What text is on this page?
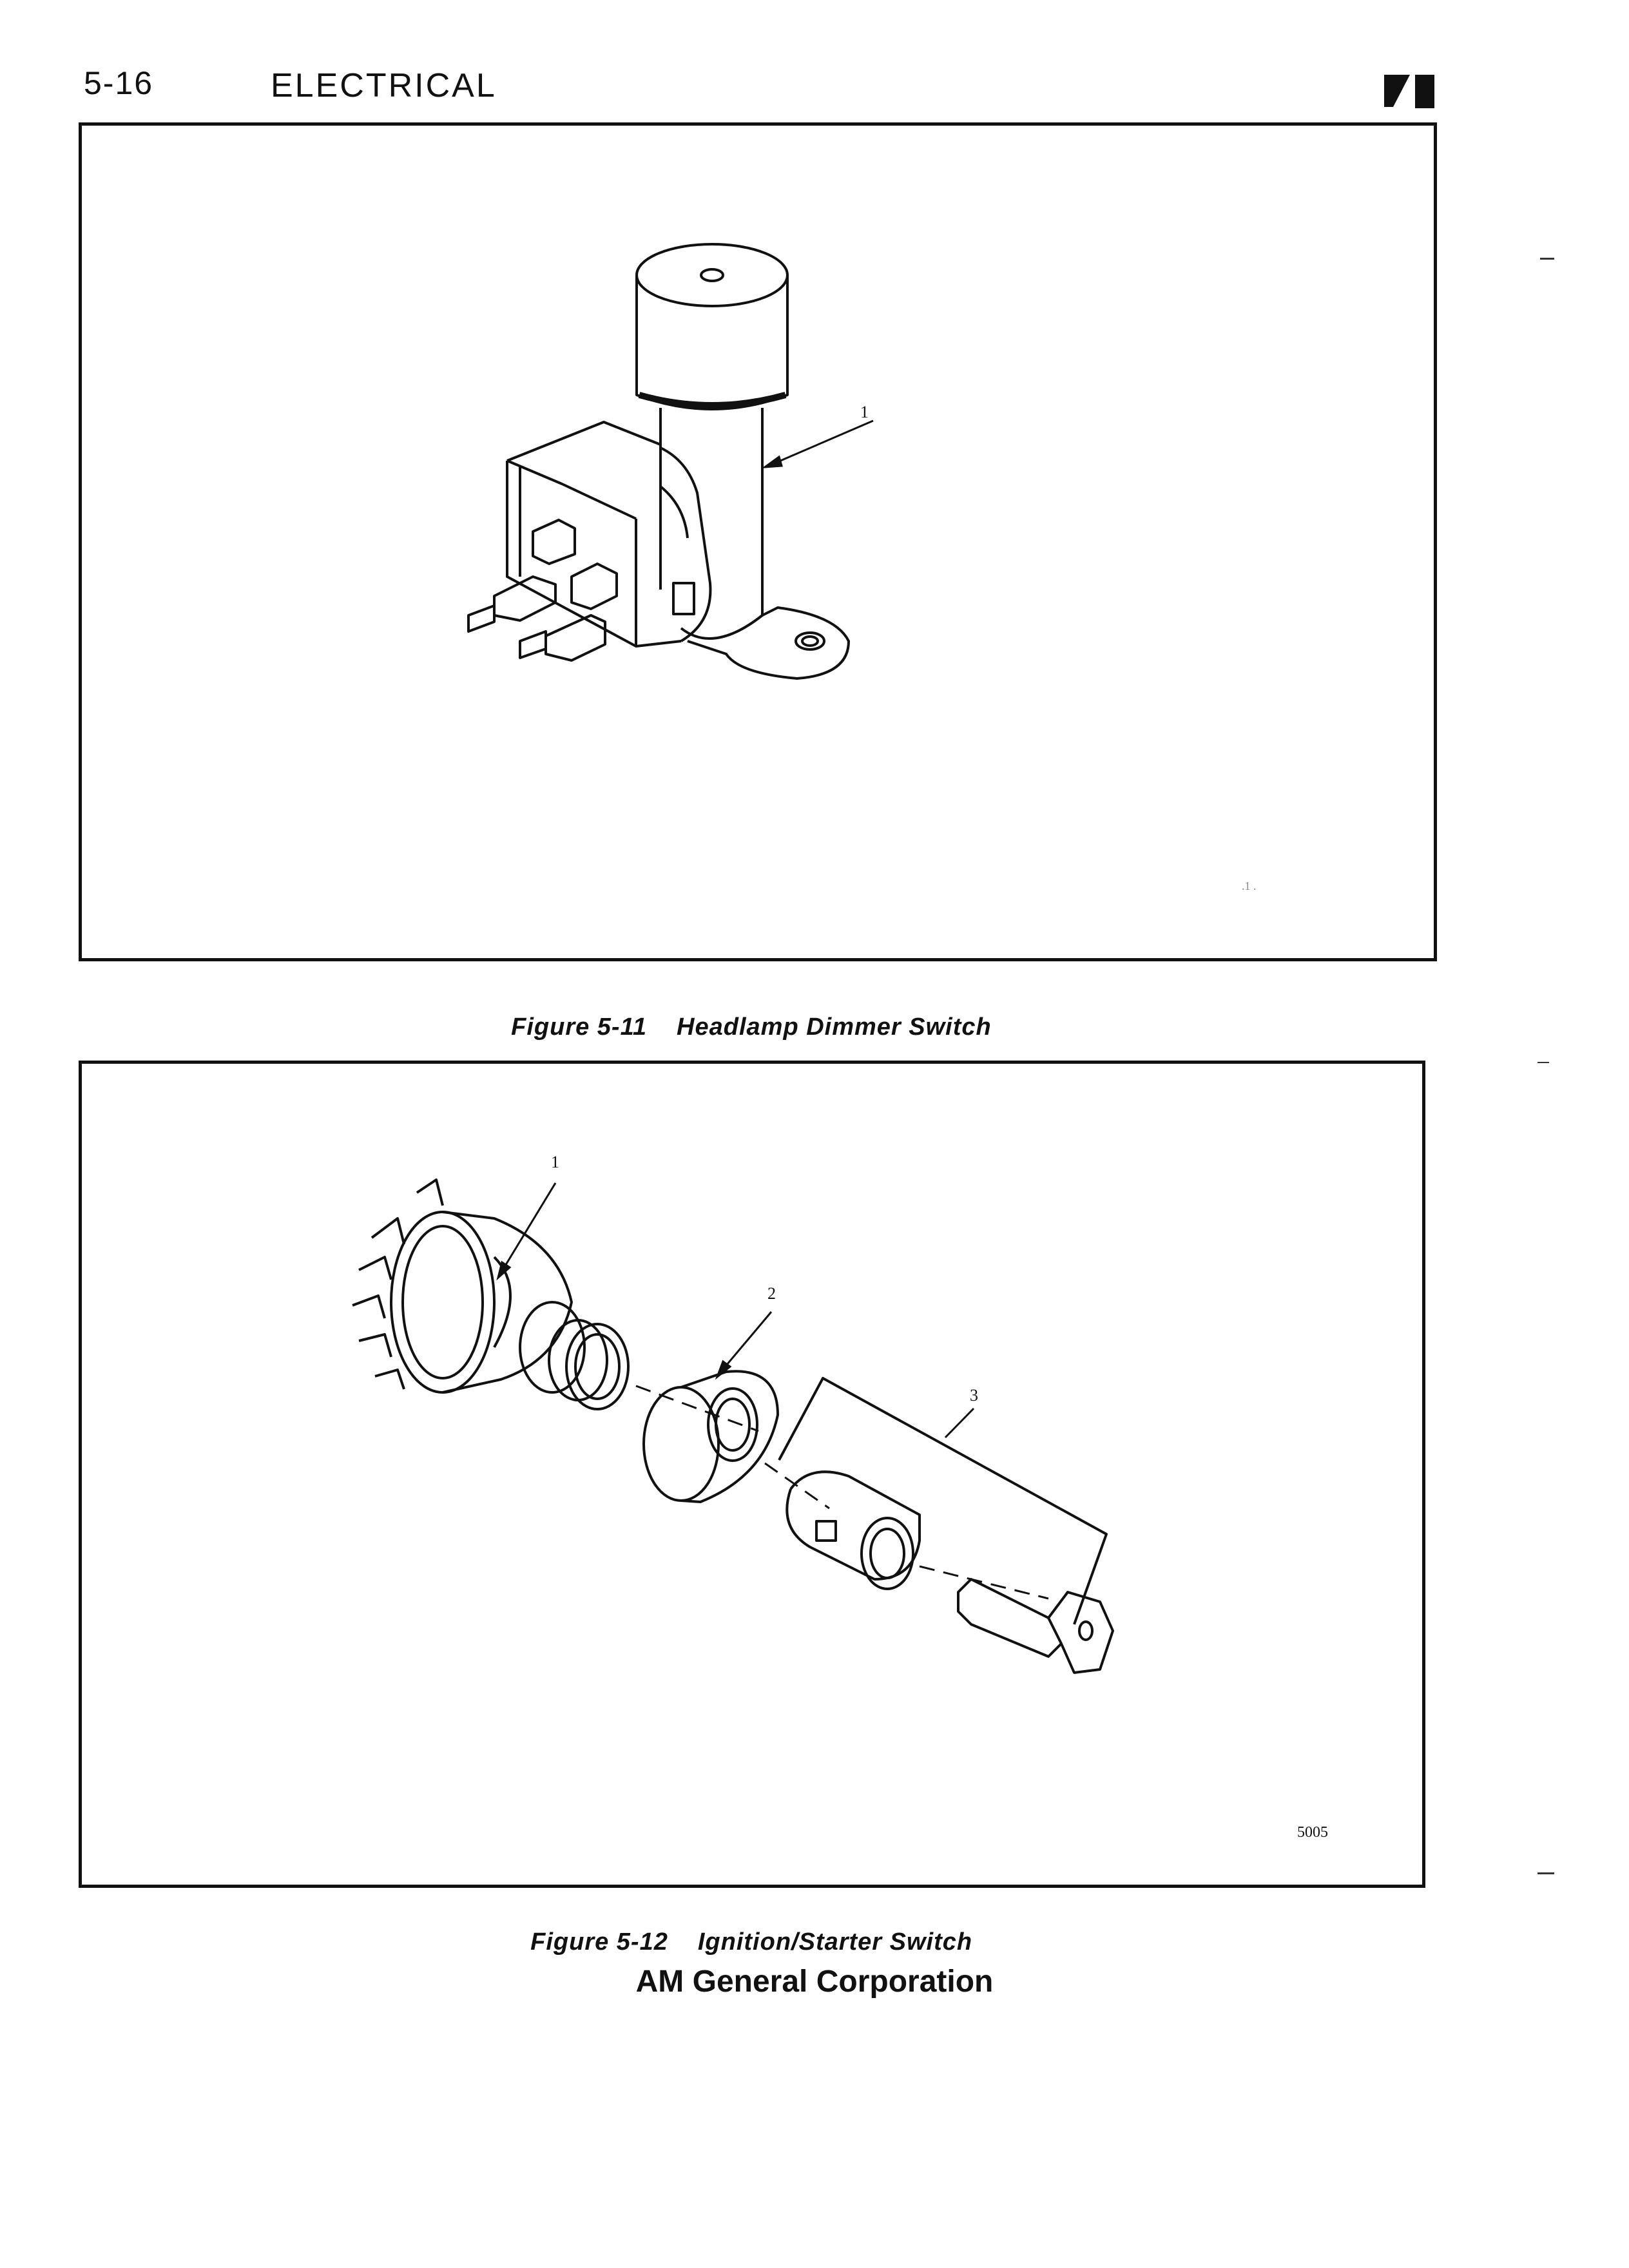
5-16	ELECTRICAL
1
.1 .

Figure 5-11 Headlamp Dimmer Switch

1
2
3
5005

Figure 5-12 Ignition/Starter Switch

AM General Corporation
